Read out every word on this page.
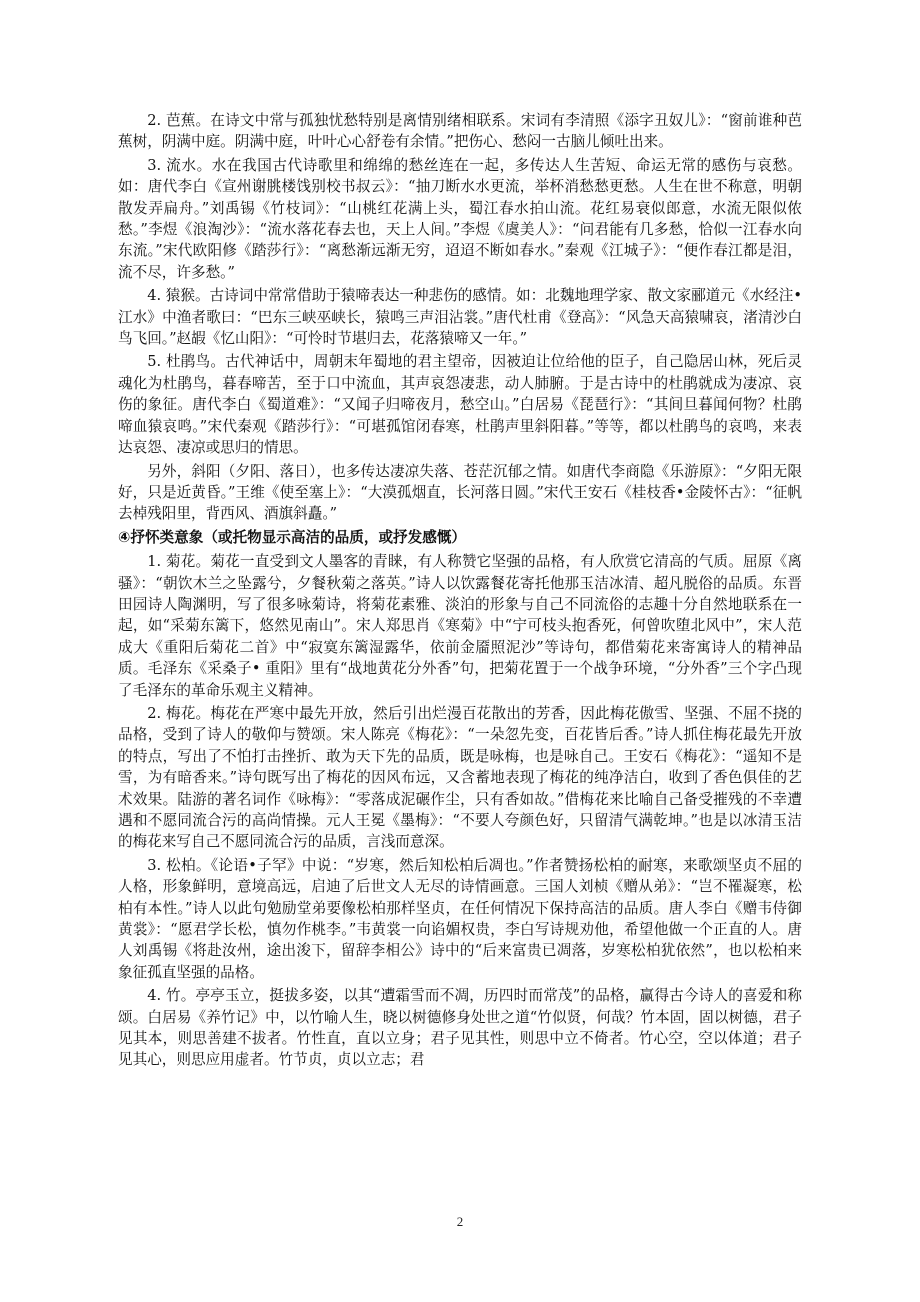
2. 芭蕉。在诗文中常与孤独忧愁特别是离情别绪相联系。宋词有李清照《添字丑奴儿》：“窗前谁种芭蕉树，阴满中庭。阴满中庭，叶叶心心舒卷有余情。”把伤心、愁闷一古脑儿倾吐出来。

3. 流水。水在我国古代诗歌里和绵绵的愁丝连在一起，多传达人生苦短、命运无常的感伤与哀愁。如：唐代李白《宣州谢朓楼饯别校书叔云》：“抽刀断水水更流，举杯消愁愁更愁。人生在世不称意，明朝散发弄扁舟。”刘禹锡《竹枝词》：“山桃红花满上头，蜀江春水拍山流。花红易衰似郎意，水流无限似侬愁。”李煜《浪淘沙》：“流水落花春去也，天上人间。”李煜《虞美人》：“问君能有几多愁，恰似一江春水向东流。”宋代欧阳修《踏莎行》：“离愁渐远渐无穷，迢迢不断如春水。”秦观《江城子》：“便作春江都是泪，流不尽，许多愁。”

4. 猿猴。古诗词中常常借助于猿啼表达一种悲伤的感情。如：北魏地理学家、散文家郦道元《水经注•江水》中渔者歌曰：“巴东三峡巫峡长，猿鸣三声泪沾裳。”唐代杜甫《登高》：“风急天高猿啸哀，渚清沙白鸟飞回。”赵嘏《忆山阳》：“可怜时节堪归去，花落猿啼又一年。”

5. 杜鹃鸟。古代神话中，周朝末年蜀地的君主望帝，因被迫让位给他的臣子，自己隐居山林，死后灵魂化为杜鹃鸟，暮春啼苦，至于口中流血，其声哀怨凄悲，动人肺腑。于是古诗中的杜鹃就成为凄凉、哀伤的象征。唐代李白《蜀道难》：“又闻子归啼夜月，愁空山。”白居易《琵琶行》：“其间旦暮闻何物？杜鹃啼血猿哀鸣。”宋代秦观《踏莎行》：“可堪孤馆闭春寒，杜鹃声里斜阳暮。”等等，都以杜鹃鸟的哀鸣，来表达哀怨、凄凉或思归的情思。

另外，斜阳（夕阳、落日），也多传达凄凉失落、苍茫沉郁之情。如唐代李商隐《乐游原》：“夕阳无限好，只是近黄昏。”王维《使至塞上》：“大漠孤烟直，长河落日圆。”宋代王安石《桂枝香•金陵怀古》：“征帆去棹残阳里，背西风、酒旗斜矗。”

④抒怀类意象（或托物显示高洁的品质，或抒发感慨）

1. 菊花。菊花一直受到文人墨客的青睐，有人称赞它坚强的品格，有人欣赏它清高的气质。屈原《离骚》：“朝饮木兰之坠露兮，夕餐秋菊之落英。”诗人以饮露餐花寄托他那玉洁冰清、超凡脱俗的品质。东晋田园诗人陶渊明，写了很多咏菊诗，将菊花素雅、淡泊的形象与自己不同流俗的志趣十分自然地联系在一起，如“采菊东篱下，悠然见南山”。宋人郑思肖《寒菊》中“宁可枝头抱香死，何曾吹堕北风中”，宋人范成大《重阳后菊花二首》中“寂寞东篱湿露华，依前金靥照泥沙”等诗句，都借菊花来寄寓诗人的精神品质。毛泽东《采桑子• 重阳》里有“战地黄花分外香”句，把菊花置于一个战争环境，“分外香”三个字凸现了毛泽东的革命乐观主义精神。

2. 梅花。梅花在严寒中最先开放，然后引出烂漫百花散出的芳香，因此梅花傲雪、坚强、不屈不挠的品格，受到了诗人的敬仰与赞颂。宋人陈亮《梅花》：“一朵忽先变，百花皆后香。”诗人抓住梅花最先开放的特点，写出了不怕打击挫折、敢为天下先的品质，既是咏梅，也是咏自己。王安石《梅花》：“遥知不是雪，为有暗香来。”诗句既写出了梅花的因风布远，又含蓄地表现了梅花的纯净洁白，收到了香色俱佳的艺术效果。陆游的著名词作《咏梅》：“零落成泥碾作尘，只有香如故。”借梅花来比喻自己备受摧残的不幸遭遇和不愿同流合污的高尚情操。元人王冕《墨梅》：“不要人夸颜色好，只留清气满乾坤。”也是以冰清玉洁的梅花来写自己不愿同流合污的品质，言浅而意深。

3. 松柏。《论语•子罕》中说：“岁寒，然后知松柏后凋也。”作者赞扬松柏的耐寒，来歌颂坚贞不屈的人格，形象鲜明，意境高远，启迪了后世文人无尽的诗情画意。三国人刘桢《赠从弟》：“岂不罹凝寒，松柏有本性。”诗人以此句勉励堂弟要像松柏那样坚贞，在任何情况下保持高洁的品质。唐人李白《赠韦侍御黄裳》：“愿君学长松，慎勿作桃李。”韦黄裳一向谄媚权贵，李白写诗规劝他，希望他做一个正直的人。唐人刘禹锡《将赴汝州，途出浚下，留辞李相公》诗中的“后来富贵已凋落，岁寒松柏犹依然”，也以松柏来象征孤直坚强的品格。

4. 竹。亭亭玉立，挺拔多姿，以其“遭霜雪而不凋，历四时而常茂”的品格，赢得古今诗人的喜爱和称颂。白居易《养竹记》中，以竹喻人生，晓以树德修身处世之道“竹似贤，何哉？竹本固，固以树德，君子见其本，则思善建不拔者。竹性直，直以立身；君子见其性，则思中立不倚者。竹心空，空以体道；君子见其心，则思应用虚者。竹节贞，贞以立志；君

2
